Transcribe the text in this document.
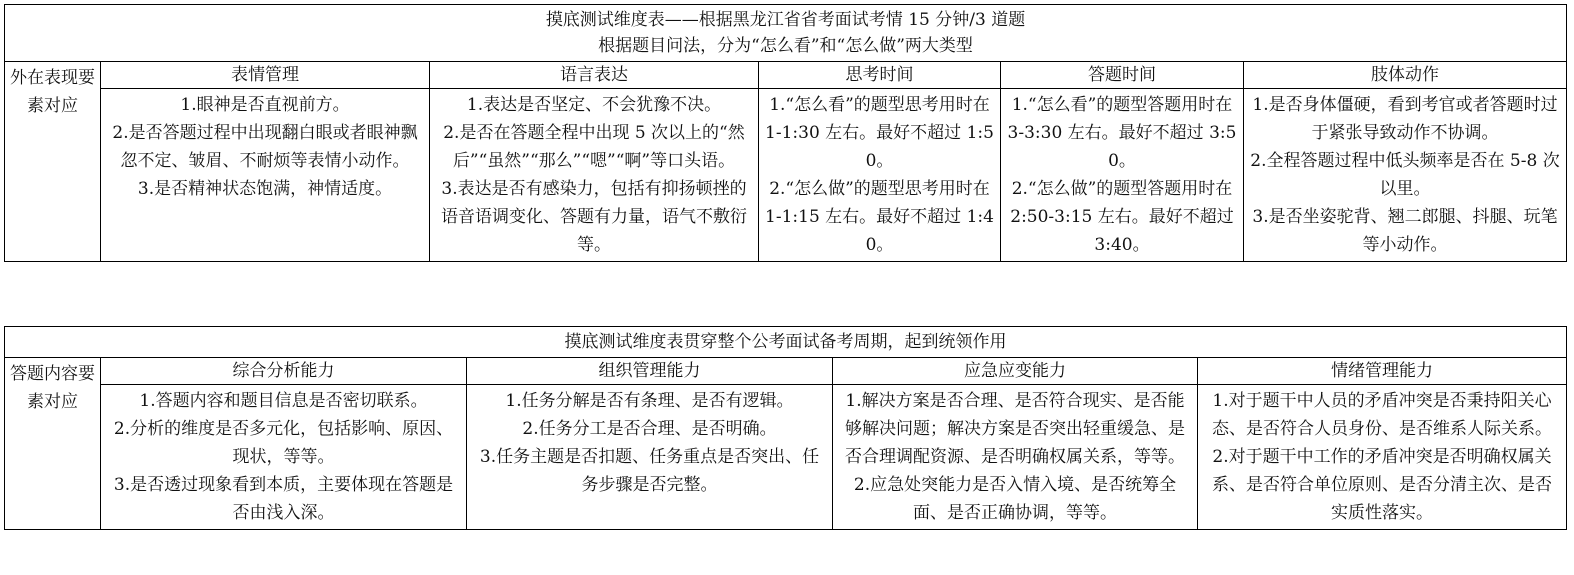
摸底测试维度表——根据黑龙江省省考面试考情 15 分钟/3 道题
根据题目问法，分为“怎么看”和“怎么做”两大类型					

外在表现要素对应	表情管理	语言表达	思考时间	答题时间	肢体动作

	1.眼神是否直视前方。
2.是否答题过程中出现翻白眼或者眼神飘忽不定、皱眉、不耐烦等表情小动作。
3.是否精神状态饱满，神情适度。	1.表达是否坚定、不会犹豫不决。
2.是否在答题全程中出现 5 次以上的“然后”“虽然”“那么”“嗯”“啊”等口头语。
3.表达是否有感染力，包括有抑扬顿挫的语音语调变化、答题有力量，语气不敷衍等。	1.“怎么看”的题型思考用时在 1-1:30 左右。最好不超过 1:50。
2.“怎么做”的题型思考用时在 1-1:15 左右。最好不超过 1:40。	1.“怎么看”的题型答题用时在 3-3:30 左右。最好不超过 3:50。
2.“怎么做”的题型答题用时在 2:50-3:15 左右。最好不超过 3:40。	1.是否身体僵硬，看到考官或者答题时过于紧张导致动作不协调。
2.全程答题过程中低头频率是否在 5-8 次以里。
3.是否坐姿驼背、翘二郎腿、抖腿、玩笔等小动作。
摸底测试维度表贯穿整个公考面试备考周期，起到统领作用				
答题内容要素对应	综合分析能力	组织管理能力	应急应变能力	情绪管理能力

	1.答题内容和题目信息是否密切联系。
2.分析的维度是否多元化，包括影响、原因、现状，等等。
3.是否透过现象看到本质，主要体现在答题是否由浅入深。	1.任务分解是否有条理、是否有逻辑。
2.任务分工是否合理、是否明确。
3.任务主题是否扣题、任务重点是否突出、任务步骤是否完整。	1.解决方案是否合理、是否符合现实、是否能够解决问题；解决方案是否突出轻重缓急、是否合理调配资源、是否明确权属关系，等等。
2.应急处突能力是否入情入境、是否统筹全面、是否正确协调，等等。	1.对于题干中人员的矛盾冲突是否秉持阳关心态、是否符合人员身份、是否维系人际关系。
2.对于题干中工作的矛盾冲突是否明确权属关系、是否符合单位原则、是否分清主次、是否实质性落实。
